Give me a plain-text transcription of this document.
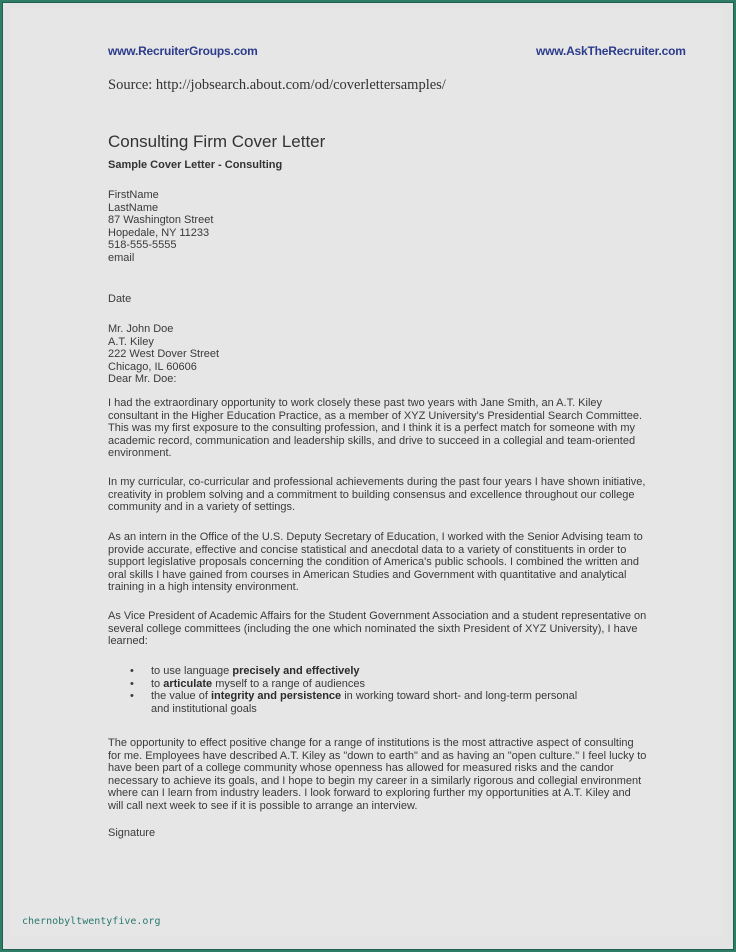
www.RecruiterGroups.com	www.AskTheRecruiter.com
Source: http://jobsearch.about.com/od/coverlettersamples/
Consulting Firm Cover Letter
Sample Cover Letter - Consulting
FirstName
LastName
87 Washington Street
Hopedale, NY 11233
518-555-5555
email
Date
Mr. John Doe
A.T. Kiley
222 West Dover Street
Chicago, IL 60606
Dear Mr. Doe:
I had the extraordinary opportunity to work closely these past two years with Jane Smith, an A.T. Kiley consultant in the Higher Education Practice, as a member of XYZ University's Presidential Search Committee. This was my first exposure to the consulting profession, and I think it is a perfect match for someone with my academic record, communication and leadership skills, and drive to succeed in a collegial and team-oriented environment.
In my curricular, co-curricular and professional achievements during the past four years I have shown initiative, creativity in problem solving and a commitment to building consensus and excellence throughout our college community and in a variety of settings.
As an intern in the Office of the U.S. Deputy Secretary of Education, I worked with the Senior Advising team to provide accurate, effective and concise statistical and anecdotal data to a variety of constituents in order to support legislative proposals concerning the condition of America's public schools. I combined the written and oral skills I have gained from courses in American Studies and Government with quantitative and analytical training in a high intensity environment.
As Vice President of Academic Affairs for the Student Government Association and a student representative on several college committees (including the one which nominated the sixth President of XYZ University), I have learned:
• to use language precisely and effectively
• to articulate myself to a range of audiences
• the value of integrity and persistence in working toward short- and long-term personal and institutional goals
The opportunity to effect positive change for a range of institutions is the most attractive aspect of consulting for me. Employees have described A.T. Kiley as "down to earth" and as having an "open culture." I feel lucky to have been part of a college community whose openness has allowed for measured risks and the candor necessary to achieve its goals, and I hope to begin my career in a similarly rigorous and collegial environment where can I learn from industry leaders. I look forward to exploring further my opportunities at A.T. Kiley and will call next week to see if it is possible to arrange an interview.
Signature
chernobyltwentyfive.org
